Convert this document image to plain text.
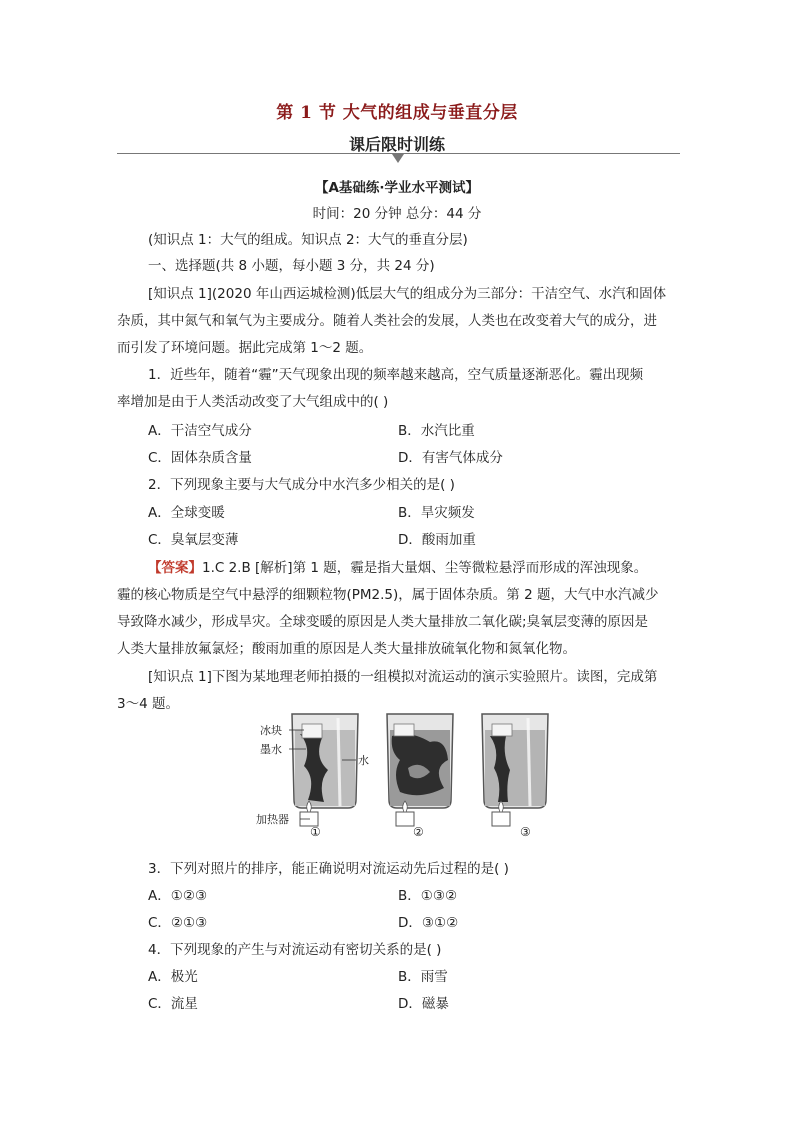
第 1 节 大气的组成与垂直分层
课后限时训练
【A基础练·学业水平测试】
时间：20 分钟 总分：44 分
(知识点 1：大气的组成。知识点 2：大气的垂直分层)
一、选择题(共 8 小题，每小题 3 分，共 24 分)
[知识点 1](2020 年山西运城检测)低层大气的组成分为三部分：干洁空气、水汽和固体
杂质，其中氮气和氧气为主要成分。随着人类社会的发展，人类也在改变着大气的成分，进
而引发了环境问题。据此完成第 1～2 题。
1．近些年，随着“霾”天气现象出现的频率越来越高，空气质量逐渐恶化。霾出现频
率增加是由于人类活动改变了大气组成中的( )
A．干洁空气成分	B．水汽比重
C．固体杂质含量	D．有害气体成分
2．下列现象主要与大气成分中水汽多少相关的是( )
A．全球变暖	B．旱灾频发
C．臭氧层变薄	D．酸雨加重
【答案】1.C 2.B [解析]第 1 题，霾是指大量烟、尘等微粒悬浮而形成的浑浊现象。
霾的核心物质是空气中悬浮的细颗粒物(PM2.5)，属于固体杂质。第 2 题，大气中水汽减少
导致降水减少，形成旱灾。全球变暖的原因是人类大量排放二氧化碳;臭氧层变薄的原因是
人类大量排放氟氯烃；酸雨加重的原因是人类大量排放硫氧化物和氮氧化物。
[知识点 1]下图为某地理老师拍摄的一组模拟对流运动的演示实验照片。读图，完成第
3～4 题。
冰块
墨水
水
加热器
①	②	③
3．下列对照片的排序，能正确说明对流运动先后过程的是( )
A．①②③	B．①③②
C．②①③	D．③①②
4．下列现象的产生与对流运动有密切关系的是( )
A．极光	B．雨雪
C．流星	D．磁暴
